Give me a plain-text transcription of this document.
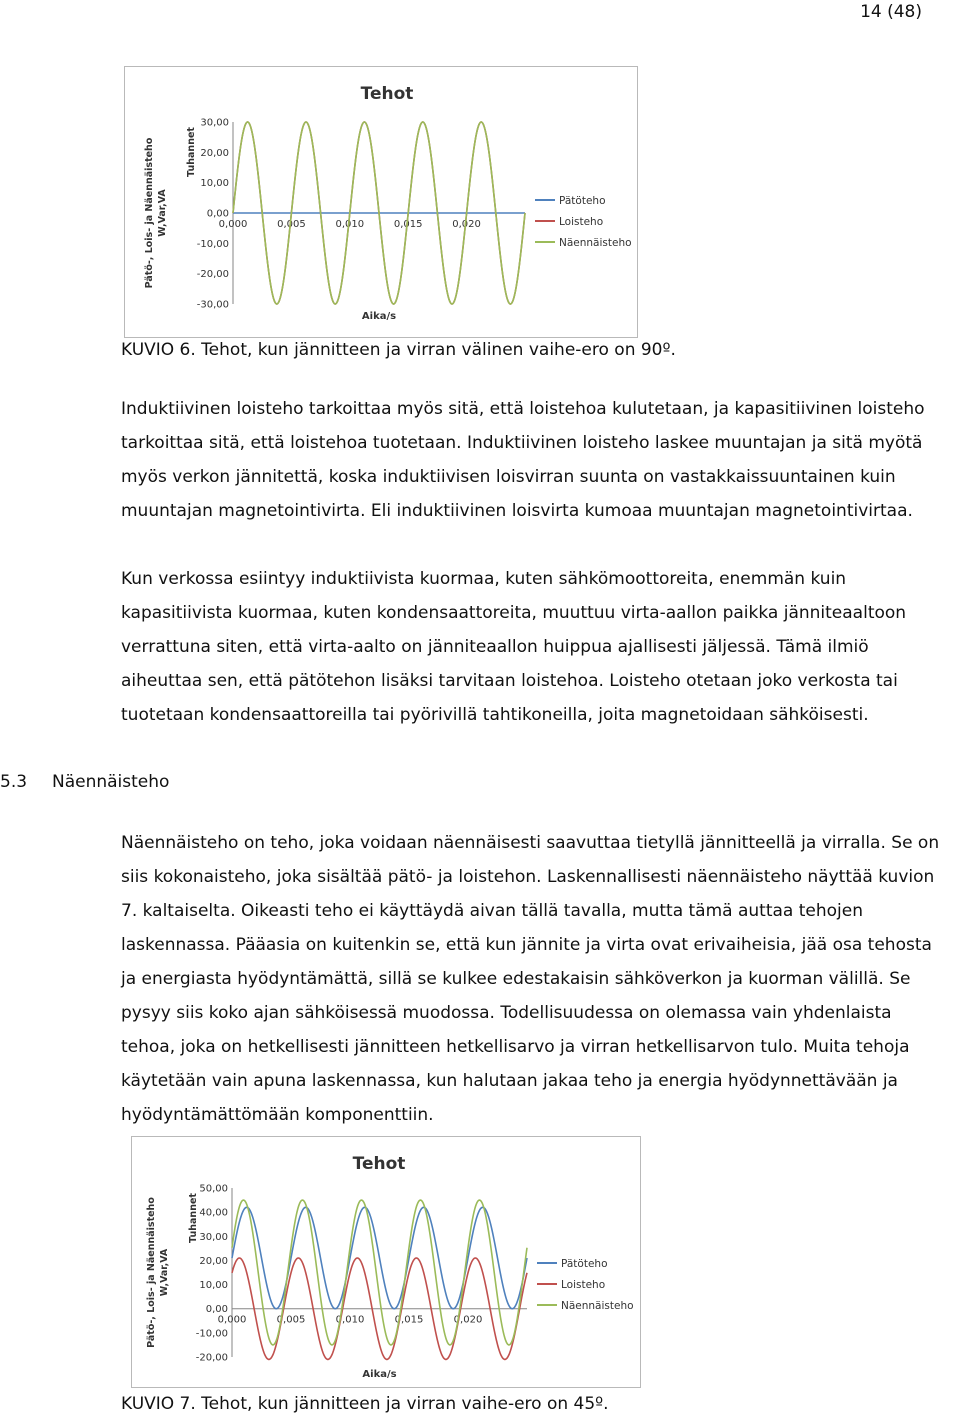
14 (48)
Tehot
Pätö-, Lois- ja Näennäisteho W,Var,VA
Tuhannet
30,00
20,00
10,00
0,00
-10,00
-20,00
-30,00
0,000	0,005	0,010	0,015	0,020
Aika/s
Pätöteho
Loisteho
Näennäisteho
KUVIO 6. Tehot, kun jännitteen ja virran välinen vaihe-ero on 90º.

Induktiivinen loisteho tarkoittaa myös sitä, että loistehoa kulutetaan, ja kapasitiivinen loisteho tarkoittaa sitä, että loistehoa tuotetaan. Induktiivinen loisteho laskee muuntajan ja sitä myötä myös verkon jännitettä, koska induktiivisen loisvirran suunta on vastakkaissuuntainen kuin muuntajan magnetointivirta. Eli induktiivinen loisvirta kumoaa muuntajan magnetointivirtaa.

Kun verkossa esiintyy induktiivista kuormaa, kuten sähkömoottoreita, enemmän kuin kapasitiivista kuormaa, kuten kondensaattoreita, muuttuu virta-aallon paikka jänniteaaltoon verrattuna siten, että virta-aalto on jänniteaallon huippua ajallisesti jäljessä. Tämä ilmiö aiheuttaa sen, että pätötehon lisäksi tarvitaan loistehoa. Loisteho otetaan joko verkosta tai tuotetaan kondensaattoreilla tai pyörivillä tahtikoneilla, joita magnetoidaan sähköisesti.

5.3 Näennäisteho

Näennäisteho on teho, joka voidaan näennäisesti saavuttaa tietyllä jännitteellä ja virralla. Se on siis kokonaisteho, joka sisältää pätö- ja loistehon. Laskennallisesti näennäisteho näyttää kuvion 7. kaltaiselta. Oikeasti teho ei käyttäydä aivan tällä tavalla, mutta tämä auttaa tehojen laskennassa. Pääasia on kuitenkin se, että kun jännite ja virta ovat erivaiheisia, jää osa tehosta ja energiasta hyödyntämättä, sillä se kulkee edestakaisin sähköverkon ja kuorman välillä. Se pysyy siis koko ajan sähköisessä muodossa. Todellisuudessa on olemassa vain yhdenlaista tehoa, joka on hetkellisesti jännitteen hetkellisarvo ja virran hetkellisarvon tulo. Muita tehoja käytetään vain apuna laskennassa, kun halutaan jakaa teho ja energia hyödynnettävään ja hyödyntämättömään komponenttiin.

Tehot
Pätö-, Lois- ja Näennäisteho W,Var,VA
Tuhannet
50,00
40,00
30,00
20,00
10,00
0,00
-10,00
-20,00
0,000	0,005	0,010	0,015	0,020
Aika/s
Pätöteho
Loisteho
Näennäisteho
KUVIO 7. Tehot, kun jännitteen ja virran vaihe-ero on 45º.
